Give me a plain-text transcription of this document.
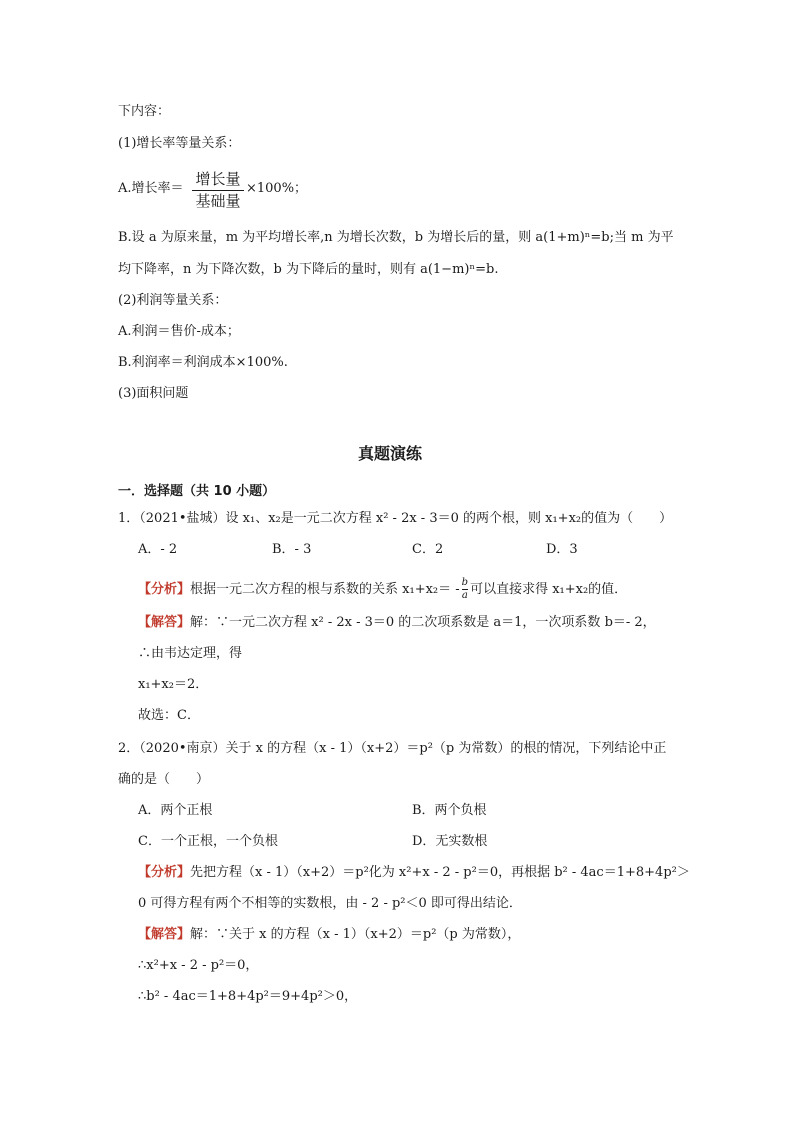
下内容：
(1)增长率等量关系：
A.增长率＝
增长量
基础量
×100%；
B.设 a 为原来量，m 为平均增长率,n 为增长次数，b 为增长后的量，则 a(1+m)ⁿ=b;当 m 为平
均下降率，n 为下降次数，b 为下降后的量时，则有 a(1−m)ⁿ=b.
(2)利润等量关系：
A.利润＝售价-成本；
B.利润率＝利润成本×100%.
(3)面积问题
真题演练
一．选择题（共 10 小题）
1．（2021•盐城）设 x₁、x₂是一元二次方程 x² - 2x - 3＝0 的两个根，则 x₁+x₂的值为（　　）
A．- 2	B．- 3	C．2	D．3
【分析】根据一元二次方程的根与系数的关系 $x_1+x_2= - \frac{b}{a}$ 可以直接求得 x₁+x₂的值．
【解答】解：∵一元二次方程 x² - 2x - 3＝0 的二次项系数是 a＝1，一次项系数 b＝- 2，
∴由韦达定理，得
x₁+x₂＝2．
故选：C．
2．（2020•南京）关于 x 的方程（x - 1）（x+2）＝p²（p 为常数）的根的情况，下列结论中正
确的是（　　）
A．两个正根	B．两个负根
C．一个正根，一个负根	D．无实数根
【分析】先把方程（x - 1）（x+2）＝p²化为 x²+x - 2 - p²＝0，再根据 b² - 4ac＝1+8+4p²＞
0 可得方程有两个不相等的实数根，由 - 2 - p²＜0 即可得出结论．
【解答】解：∵关于 x 的方程（x - 1）（x+2）＝p²（p 为常数），
∴x²+x - 2 - p²＝0，
∴b² - 4ac＝1+8+4p²＝9+4p²＞0，
